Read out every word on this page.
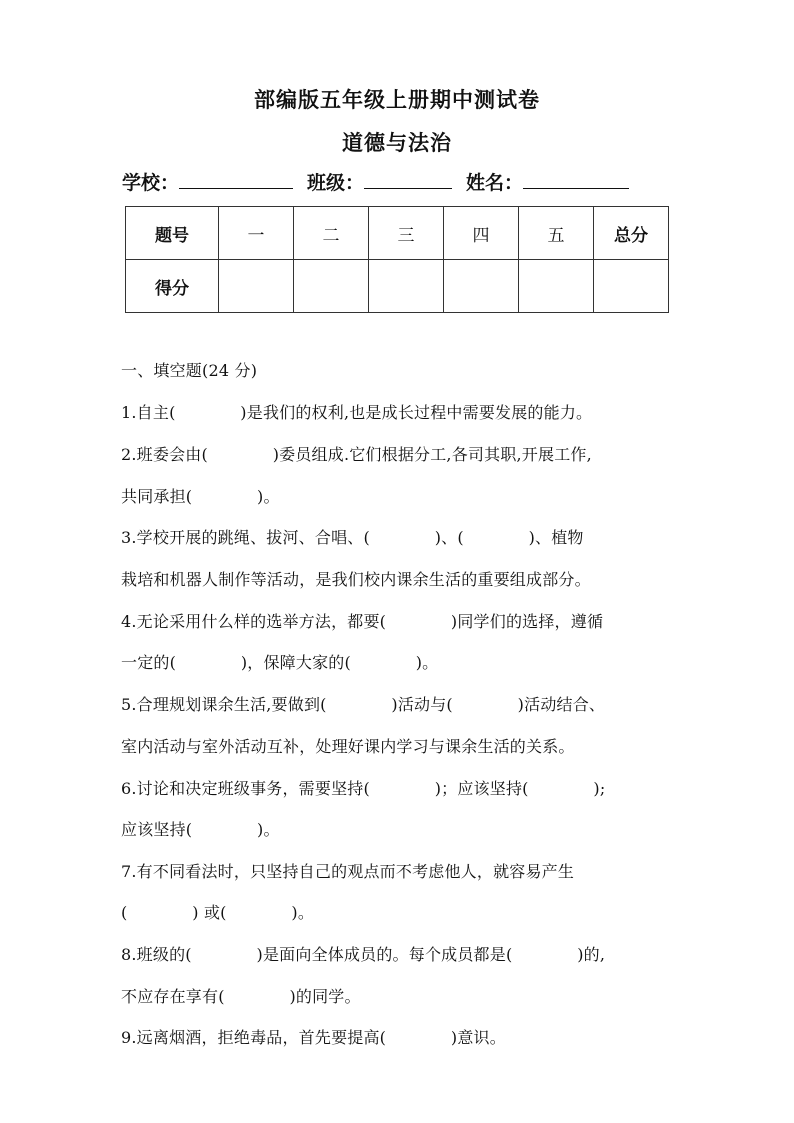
部编版五年级上册期中测试卷
道德与法治
学校：	班级：	姓名：
题号	一	二	三	四	五	总分
得分						
一、填空题(24 分)
1.自主(　　　　)是我们的权利,也是成长过程中需要发展的能力。
2.班委会由(　　　　)委员组成.它们根据分工,各司其职,开展工作,
共同承担(　　　　)。
3.学校开展的跳绳、拔河、合唱、(　　　　)、(　　　　)、植物
栽培和机器人制作等活动，是我们校内课余生活的重要组成部分。
4.无论采用什么样的选举方法，都要(　　　　)同学们的选择，遵循
一定的(　　　　)，保障大家的(　　　　)。
5.合理规划课余生活,要做到(　　　　)活动与(　　　　)活动结合、
室内活动与室外活动互补，处理好课内学习与课余生活的关系。
6.讨论和决定班级事务，需要坚持(　　　　)；应该坚持(　　　　);
应该坚持(　　　　)。
7.有不同看法时，只坚持自己的观点而不考虑他人，就容易产生
(　　　　) 或(　　　　)。
8.班级的(　　　　)是面向全体成员的。每个成员都是(　　　　)的,
不应存在享有(　　　　)的同学。
9.远离烟酒，拒绝毒品，首先要提高(　　　　)意识。
